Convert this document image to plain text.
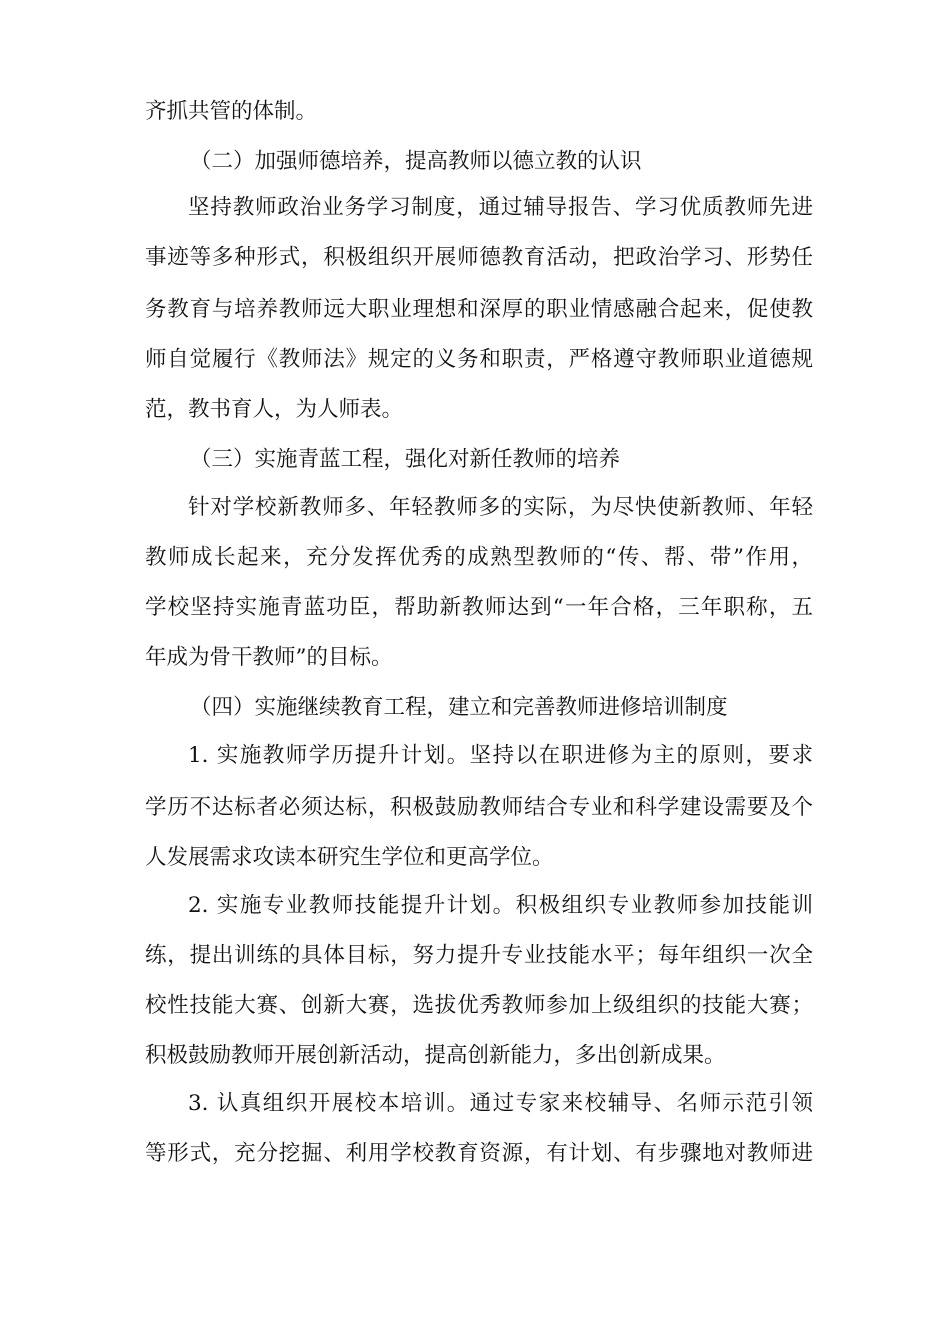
齐抓共管的体制。
（二）加强师德培养，提高教师以德立教的认识
坚持教师政治业务学习制度，通过辅导报告、学习优质教师先进
事迹等多种形式，积极组织开展师德教育活动，把政治学习、形势任
务教育与培养教师远大职业理想和深厚的职业情感融合起来，促使教
师自觉履行《教师法》规定的义务和职责，严格遵守教师职业道德规
范，教书育人，为人师表。
（三）实施青蓝工程，强化对新任教师的培养
针对学校新教师多、年轻教师多的实际，为尽快使新教师、年轻
教师成长起来，充分发挥优秀的成熟型教师的“传、帮、带”作用，
学校坚持实施青蓝功臣，帮助新教师达到“一年合格，三年职称，五
年成为骨干教师”的目标。
（四）实施继续教育工程，建立和完善教师进修培训制度
1. 实施教师学历提升计划。坚持以在职进修为主的原则，要求
学历不达标者必须达标，积极鼓励教师结合专业和科学建设需要及个
人发展需求攻读本研究生学位和更高学位。
2. 实施专业教师技能提升计划。积极组织专业教师参加技能训
练，提出训练的具体目标，努力提升专业技能水平；每年组织一次全
校性技能大赛、创新大赛，选拔优秀教师参加上级组织的技能大赛；
积极鼓励教师开展创新活动，提高创新能力，多出创新成果。
3. 认真组织开展校本培训。通过专家来校辅导、名师示范引领
等形式，充分挖掘、利用学校教育资源，有计划、有步骤地对教师进
